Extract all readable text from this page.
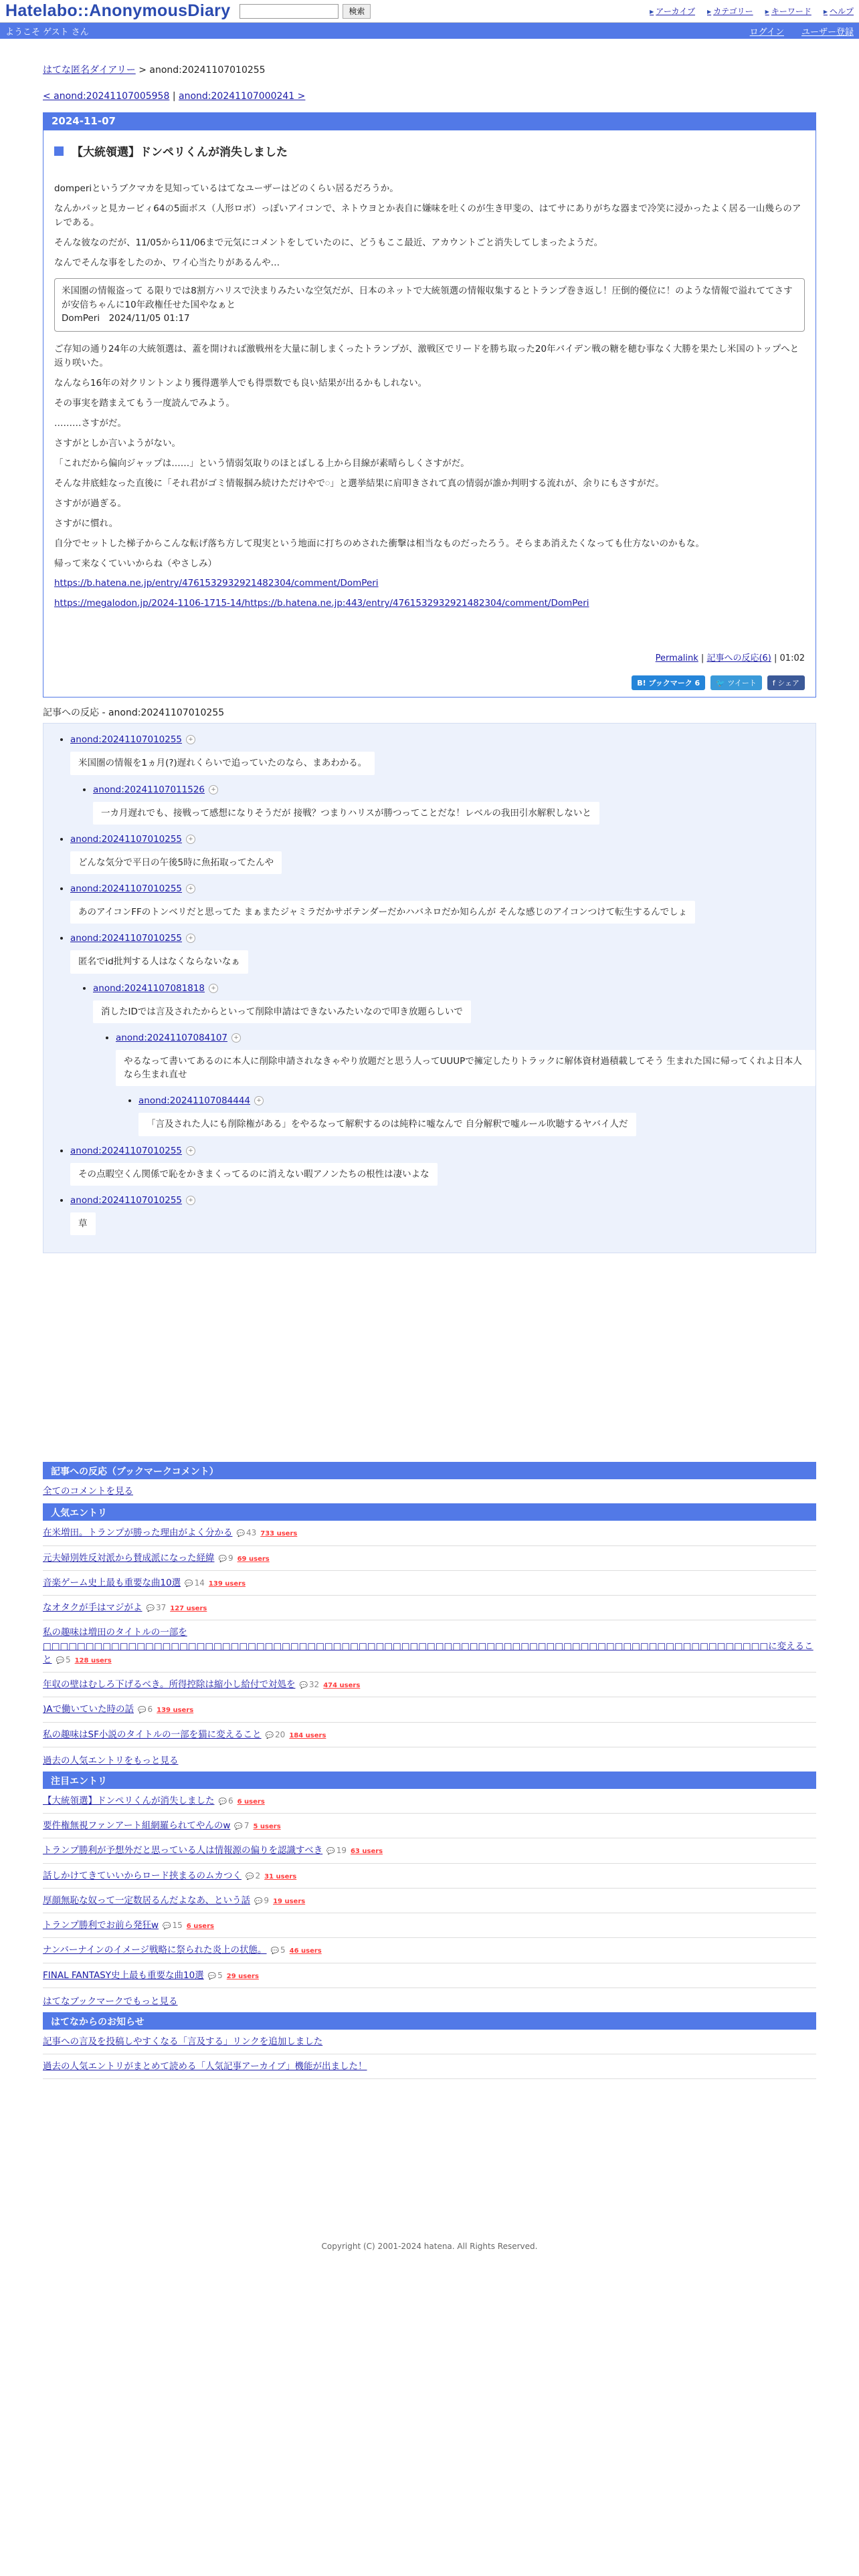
Hatelabo::AnonymousDiary	検索	▶ アーカイブ	▶ カテゴリー	▶ キーワード	▶ ヘルプ
ようこそ ゲスト さん	ログイン ユーザー登録
はてな匿名ダイアリー > anond:20241107010255
< anond:20241107005958 | anond:20241107000241 >
2024-11-07
【大統領選】ドンペリくんが消失しました

domperiというブクマカを見知っているはてなユーザーはどのくらい居るだろうか。

なんかパッと見カービィ64の5面ボス（人形ロボ）っぽいアイコンで、ネトウヨとか表自に嫌味を吐くのが生き甲斐の、はてサにありがちな器まで冷笑に浸かったよく居る一山幾らのアレである。

そんな彼なのだが、11/05から11/06まで元気にコメントをしていたのに、どうもここ最近、アカウントごと消失してしまったようだ。

なんでそんな事をしたのか、ワイ心当たりがあるんや…

米国圏の情報盗って る限りでは8割方ハリスで決まりみたいな空気だが、日本のネットで大統領選の情報収集するとトランプ巻き返し！圧倒的優位に！のような情報で溢れててさすが安倍ちゃんに10年政権任せた国やなぁと
DomPeri　2024/11/05 01:17

ご存知の通り24年の大統領選は、蓋を開ければ激戦州を大量に制しまくったトランプが、激戦区でリードを勝ち取った20年バイデン戦の糖を穂む事なく大勝を果たし米国のトップへと返り咲いた。

なんなら16年の対クリントンより獲得選挙人でも得票数でも良い結果が出るかもしれない。

その事実を踏まえてもう一度読んでみよう。

………さすがだ。

さすがとしか言いようがない。

「これだから偏向ジャップは……」という情弱気取りのほとばしる上から目線が素晴らしくさすがだ。

そんな井底蛙なった直後に「それ君がゴミ情報掴み続けただけやで𓏸」と選挙結果に肩叩きされて真の情弱が誰か判明する流れが、余りにもさすがだ。

さすがが過ぎる。

さすがに慣れ。

自分でセットした梯子からこんな転げ落ち方して現実という地面に打ちのめされた衝撃は相当なものだったろう。そらまあ消えたくなっても仕方ないのかもな。

帰って来なくていいからね（やさしみ）

https://b.hatena.ne.jp/entry/4761532932921482304/comment/DomPeri
https://megalodon.jp/2024-1106-1715-14/https://b.hatena.ne.jp:443/entry/4761532932921482304/comment/DomPeri
Permalink | 記事への反応(6) | 01:02
B! ブックマーク 6	🐦 ツイート	f シェア
記事への反応 - anond:20241107010255
• anond:20241107010255	+
米国圏の情報を1ヵ月(?)遅れくらいで追っていたのなら、まあわかる。
• anond:20241107011526	+
一カ月遅れでも、接戦って感想になりそうだが 接戦？つまりハリスが勝つってことだな！レベルの我田引水解釈しないと
• anond:20241107010255	+
どんな気分で平日の午後5時に魚拓取ってたんや
• anond:20241107010255	+
あのアイコンFFのトンベリだと思ってた まぁまたジャミラだかサボテンダーだかハバネロだか知らんが そんな感じのアイコンつけて転生するんでしょ
• anond:20241107010255	+
匿名でid批判する人はなくならないなぁ
• anond:20241107081818	+
消したIDでは言及されたからといって削除申請はできないみたいなので叩き放題らしいで
• anond:20241107084107	+
やるなって書いてあるのに本人に削除申請されなきゃやり放題だと思う人ってUUUPで擁定したりトラックに解体資材過積載してそう 生まれた国に帰ってくれよ日本人なら生まれ直せ
• anond:20241107084444	+
「言及された人にも削除権がある」をやるなって解釈するのは純粋に嘘なんで 自分解釈で嘘ルール吹聴するヤバイ人だ
• anond:20241107010255	+
その点暇空くん関係で恥をかきまくってるのに消えない暇アノンたちの根性は凄いよな
• anond:20241107010255	+
草
記事への反応（ブックマークコメント）
全てのコメントを見る
人気エントリ
在米増田。トランプが勝った理由がよく分かる 💬 43 733 users
元夫婦別姓反対派から賛成派になった経緯 💬 9 69 users
音楽ゲーム史上最も重要な曲10選 💬 14 139 users
なオタクが手はマジがよ 💬 37 127 users
私の趣味は増田のタイトルの一部を□□□□□□□□□□□□□□□□□□□□□□□□□□□□□□□□□□□□□□□□□□□□□□□□□□□□□□□□□□□□□□□□□□□□□□□□□□□□□□□□□□□□□に変えること 💬 5 128 users
年収の壁はむしろ下げるべき。所得控除は縮小し給付で対処を 💬 32 474 users
)Aで働いていた時の話 💬 6 139 users
私の趣味はSF小説のタイトルの一部を猫に変えること 💬 20 184 users
過去の人気エントリをもっと見る
注目エントリ
【大統領選】ドンペリくんが消失しました 💬 6 6 users
要件権無視ファンアート組網羅られてやんのw 💬 7 5 users
トランプ勝利が予想外だと思っている人は情報源の偏りを認識すべき 💬 19 63 users
話しかけてきていいからロード挟まるのムカつく 💬 2 31 users
厚顔無恥な奴って一定数居るんだよなあ、という話 💬 9 19 users
トランプ勝利でお前ら発狂w 💬 15 6 users
ナンバーナインのイメージ戦略に祭られた炎上の状態。 💬 5 46 users
FINAL FANTASY史上最も重要な曲10選 💬 5 29 users
はてなブックマークでもっと見る
はてなからのお知らせ
記事への言及を投稿しやすくなる「言及する」リンクを追加しました
過去の人気エントリがまとめて読める「人気記事アーカイブ」機能が出ました！
Copyright (C) 2001-2024 hatena. All Rights Reserved.
